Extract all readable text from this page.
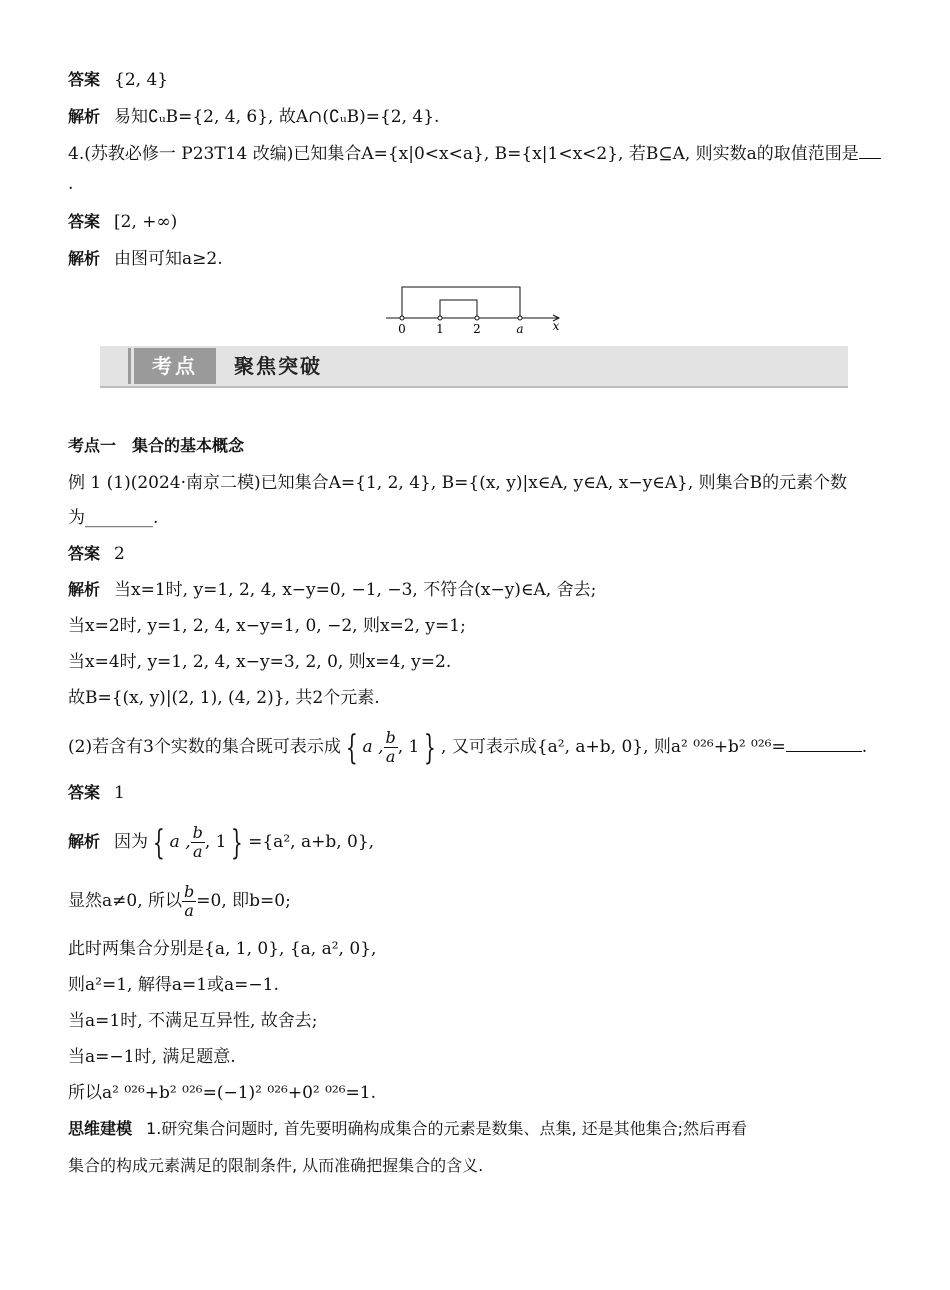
答案 {2, 4}
解析 易知∁ᵤB={2, 4, 6}, 故A∩(∁ᵤB)={2, 4}.
4.(苏教必修一 P23T14 改编)已知集合A={x|0<x<a}, B={x|1<x<2}, 若B⊆A, 则实数a的取值范围是
.
答案 [2, +∞)
解析 由图可知a≥2.
0	1 2	a x
考点	聚焦突破
考点一　集合的基本概念
例 1 (1)(2024·南京二模)已知集合A={1, 2, 4}, B={(x, y)|x∈A, y∈A, x−y∈A}, 则集合B的元素个数
为________.
答案 2
解析 当x=1时, y=1, 2, 4, x−y=0, −1, −3, 不符合(x−y)∈A, 舍去;
当x=2时, y=1, 2, 4, x−y=1, 0, −2, 则x=2, y=1;
当x=4时, y=1, 2, 4, x−y=3, 2, 0, 则x=4, y=2.
故B={(x, y)|(2, 1), (4, 2)}, 共2个元素.
(2)若含有3个实数的集合既可表示成 { a , $\frac{b}{a}$ , 1 } , 又可表示成{a², a+b, 0}, 则a² ⁰²⁶+b² ⁰²⁶=	.
答案 1
解析 因为 { a , $\frac{b}{a}$ , 1 } ={a², a+b, 0},
显然a≠0, 所以 $\frac{b}{a} =0$, 即b=0;
此时两集合分别是{a, 1, 0}, {a, a², 0},
则a²=1, 解得a=1或a=−1.
当a=1时, 不满足互异性, 故舍去;
当a=−1时, 满足题意.
所以a² ⁰²⁶+b² ⁰²⁶=(−1)² ⁰²⁶+0² ⁰²⁶=1.
思维建模 1.研究集合问题时, 首先要明确构成集合的元素是数集、点集, 还是其他集合;然后再看
集合的构成元素满足的限制条件, 从而准确把握集合的含义.
